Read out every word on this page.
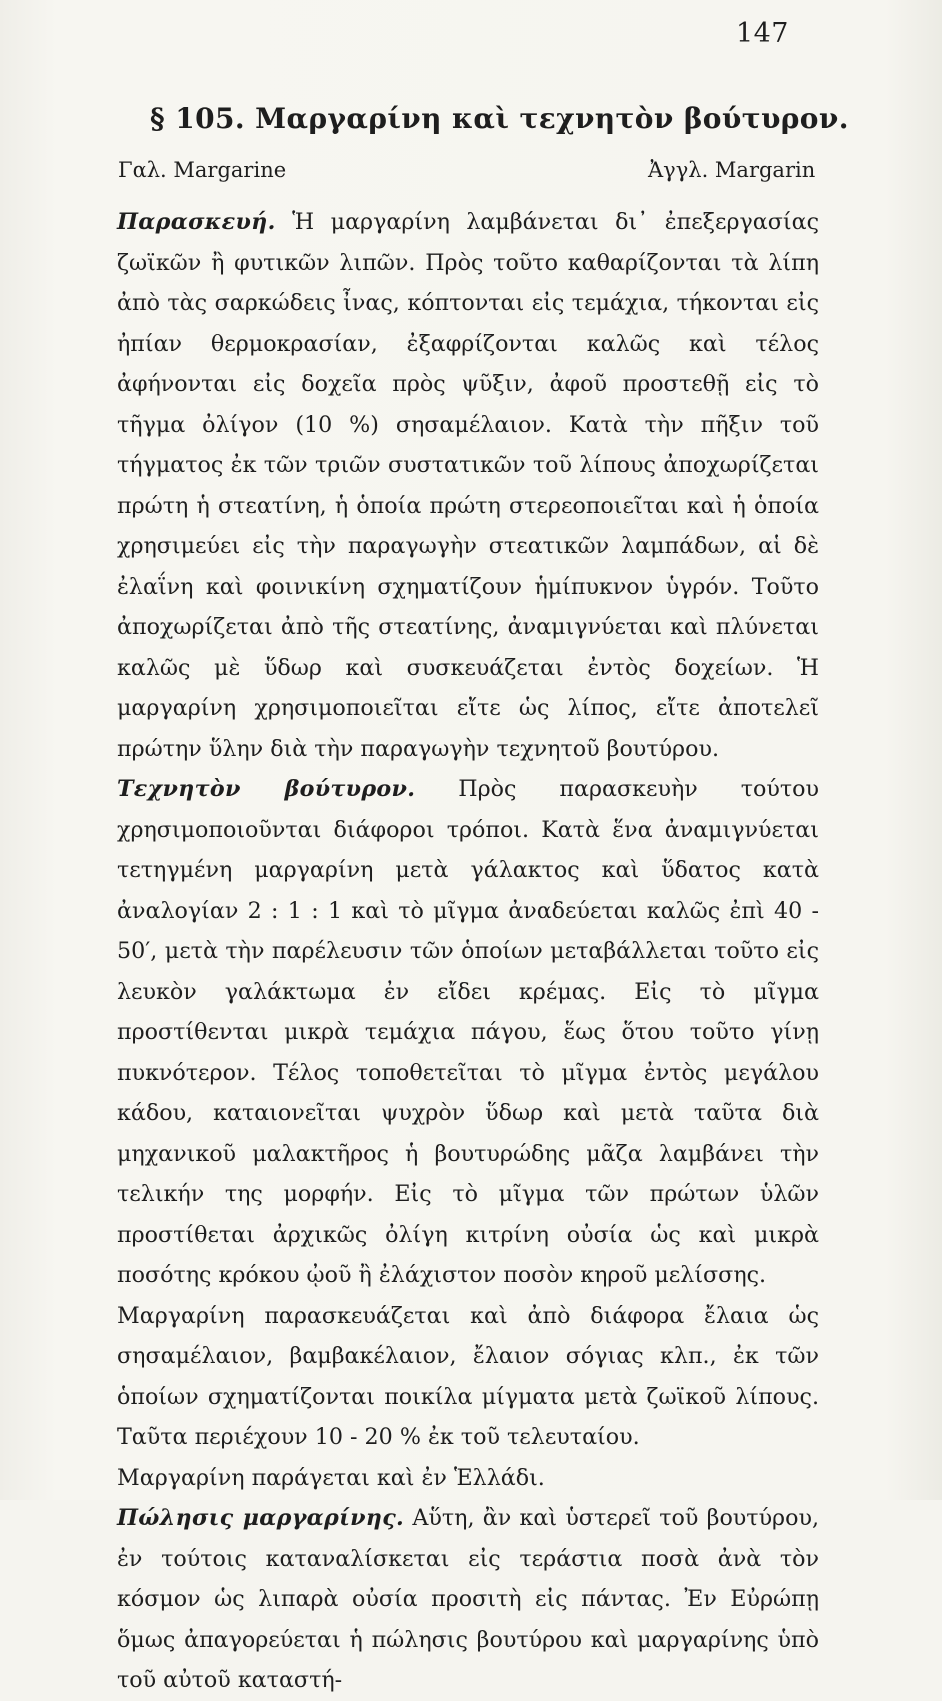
147
§ 105. Μαργαρίνη καὶ τεχνητὸν βούτυρον.
Γαλ. Margarine	Ἀγγλ. Margarin

Παρασκευή. Ἡ μαργαρίνη λαμβάνεται δι᾽ ἐπεξεργασίας ζωϊκῶν ἢ φυτικῶν λιπῶν. Πρὸς τοῦτο καθαρίζονται τὰ λίπη ἀπὸ τὰς σαρκώδεις ἶνας, κόπτονται εἰς τεμάχια, τήκονται εἰς ἠπίαν θερμοκρασίαν, ἐξαφρίζονται καλῶς καὶ τέλος ἀφήνονται εἰς δοχεῖα πρὸς ψῦξιν, ἀφοῦ προστεθῇ εἰς τὸ τῆγμα ὀλίγον (10 %) σησαμέλαιον. Κατὰ τὴν πῆξιν τοῦ τήγματος ἐκ τῶν τριῶν συστατικῶν τοῦ λίπους ἀποχωρίζεται πρώτη ἡ στεατίνη, ἡ ὁποία πρώτη στερεοποιεῖται καὶ ἡ ὁποία χρησιμεύει εἰς τὴν παραγωγὴν στεατικῶν λαμπάδων, αἱ δὲ ἐλαΐνη καὶ φοινικίνη σχηματίζουν ἡμίπυκνον ὑγρόν. Τοῦτο ἀποχωρίζεται ἀπὸ τῆς στεατίνης, ἀναμιγνύεται καὶ πλύνεται καλῶς μὲ ὕδωρ καὶ συσκευάζεται ἐντὸς δοχείων. Ἡ μαργαρίνη χρησιμοποιεῖται εἴτε ὡς λίπος, εἴτε ἀποτελεῖ πρώτην ὕλην διὰ τὴν παραγωγὴν τεχνητοῦ βουτύρου.

Τεχνητὸν βούτυρον. Πρὸς παρασκευὴν τούτου χρησιμοποιοῦνται διάφοροι τρόποι. Κατὰ ἕνα ἀναμιγνύεται τετηγμένη μαργαρίνη μετὰ γάλακτος καὶ ὕδατος κατὰ ἀναλογίαν 2 : 1 : 1 καὶ τὸ μῖγμα ἀναδεύεται καλῶς ἐπὶ 40 - 50′, μετὰ τὴν παρέλευσιν τῶν ὁποίων μεταβάλλεται τοῦτο εἰς λευκὸν γαλάκτωμα ἐν εἴδει κρέμας. Εἰς τὸ μῖγμα προστίθενται μικρὰ τεμάχια πάγου, ἕως ὅτου τοῦτο γίνῃ πυκνότερον. Τέλος τοποθετεῖται τὸ μῖγμα ἐντὸς μεγάλου κάδου, καταιονεῖται ψυχρὸν ὕδωρ καὶ μετὰ ταῦτα διὰ μηχανικοῦ μαλακτῆρος ἡ βουτυρώδης μᾶζα λαμβάνει τὴν τελικήν της μορφήν. Εἰς τὸ μῖγμα τῶν πρώτων ὑλῶν προστίθεται ἀρχικῶς ὀλίγη κιτρίνη οὐσία ὡς καὶ μικρὰ ποσότης κρόκου ᾠοῦ ἢ ἐλάχιστον ποσὸν κηροῦ μελίσσης.

Μαργαρίνη παρασκευάζεται καὶ ἀπὸ διάφορα ἔλαια ὡς σησαμέλαιον, βαμβακέλαιον, ἔλαιον σόγιας κλπ., ἐκ τῶν ὁποίων σχηματίζονται ποικίλα μίγματα μετὰ ζωϊκοῦ λίπους. Ταῦτα περιέχουν 10 - 20 % ἐκ τοῦ τελευταίου.

Μαργαρίνη παράγεται καὶ ἐν Ἑλλάδι.

Πώλησις μαργαρίνης. Αὕτη, ἂν καὶ ὑστερεῖ τοῦ βουτύρου, ἐν τούτοις καταναλίσκεται εἰς τεράστια ποσὰ ἀνὰ τὸν κόσμον ὡς λιπαρὰ οὐσία προσιτὴ εἰς πάντας. Ἐν Εὐρώπῃ ὅμως ἀπαγορεύεται ἡ πώλησις βουτύρου καὶ μαργαρίνης ὑπὸ τοῦ αὐτοῦ καταστή-
